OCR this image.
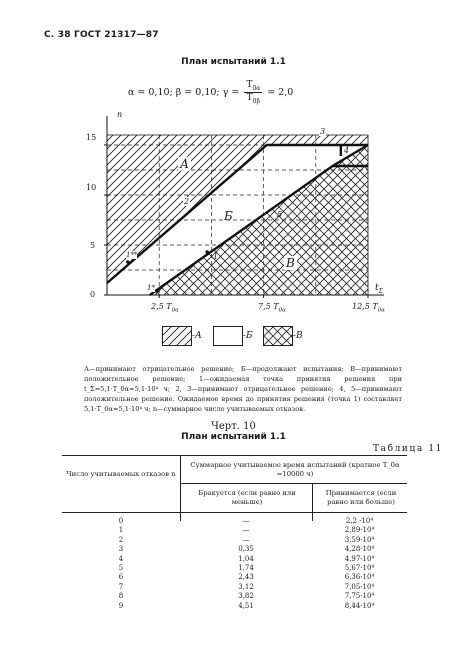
С. 38 ГОСТ 21317—87
План испытаний 1.1
α = 0,10; β = 0,10; $\gamma = \frac{T_{0\alpha}}{T_{0\beta}} = 2,0$
n
$t_\Sigma$
0
5
10
15
2,5 $T_{0\alpha}$	7,5 $T_{0\alpha}$	12,5 $T_{0\alpha}$
А
Б
В
2
3
4
5
1**
1*
1
-А	-Б	-В
А—принимают отрицательное решение; Б—продолжают испытания; В—принимают положительное решение; 1—ожидаемая точка принятия решения при t_Σ=5,1·T_0α=5,1·10⁴ ч; 2, 3—принимают отрицательное решение; 4, 5—принимают положительное решение. Ожидаемое время до принятия решения (точка 1) составляет 5,1·T_0α=5,1·10⁴ ч; n—суммарное число учитываемых отказов.
Черт. 10
План испытаний 1.1
Таблица 11
Число учитываемых отказов n
Суммарное учитываемое время испытаний (кратное T_0α =10000 ч)
Бракуется (если равно или меньше)
Принимается (если равно или больше)
0	—	2,2 ·10⁴
1	—	2,89·10⁴
2	—	3,59·10⁴
3	0,35	4,28·10⁴
4	1,04	4,97·10⁴
5	1,74	5,67·10⁴
6	2,43	6,36·10⁴
7	3,12	7,05·10⁴
8	3,82	7,75·10⁴
9	4,51	8,44·10⁴
